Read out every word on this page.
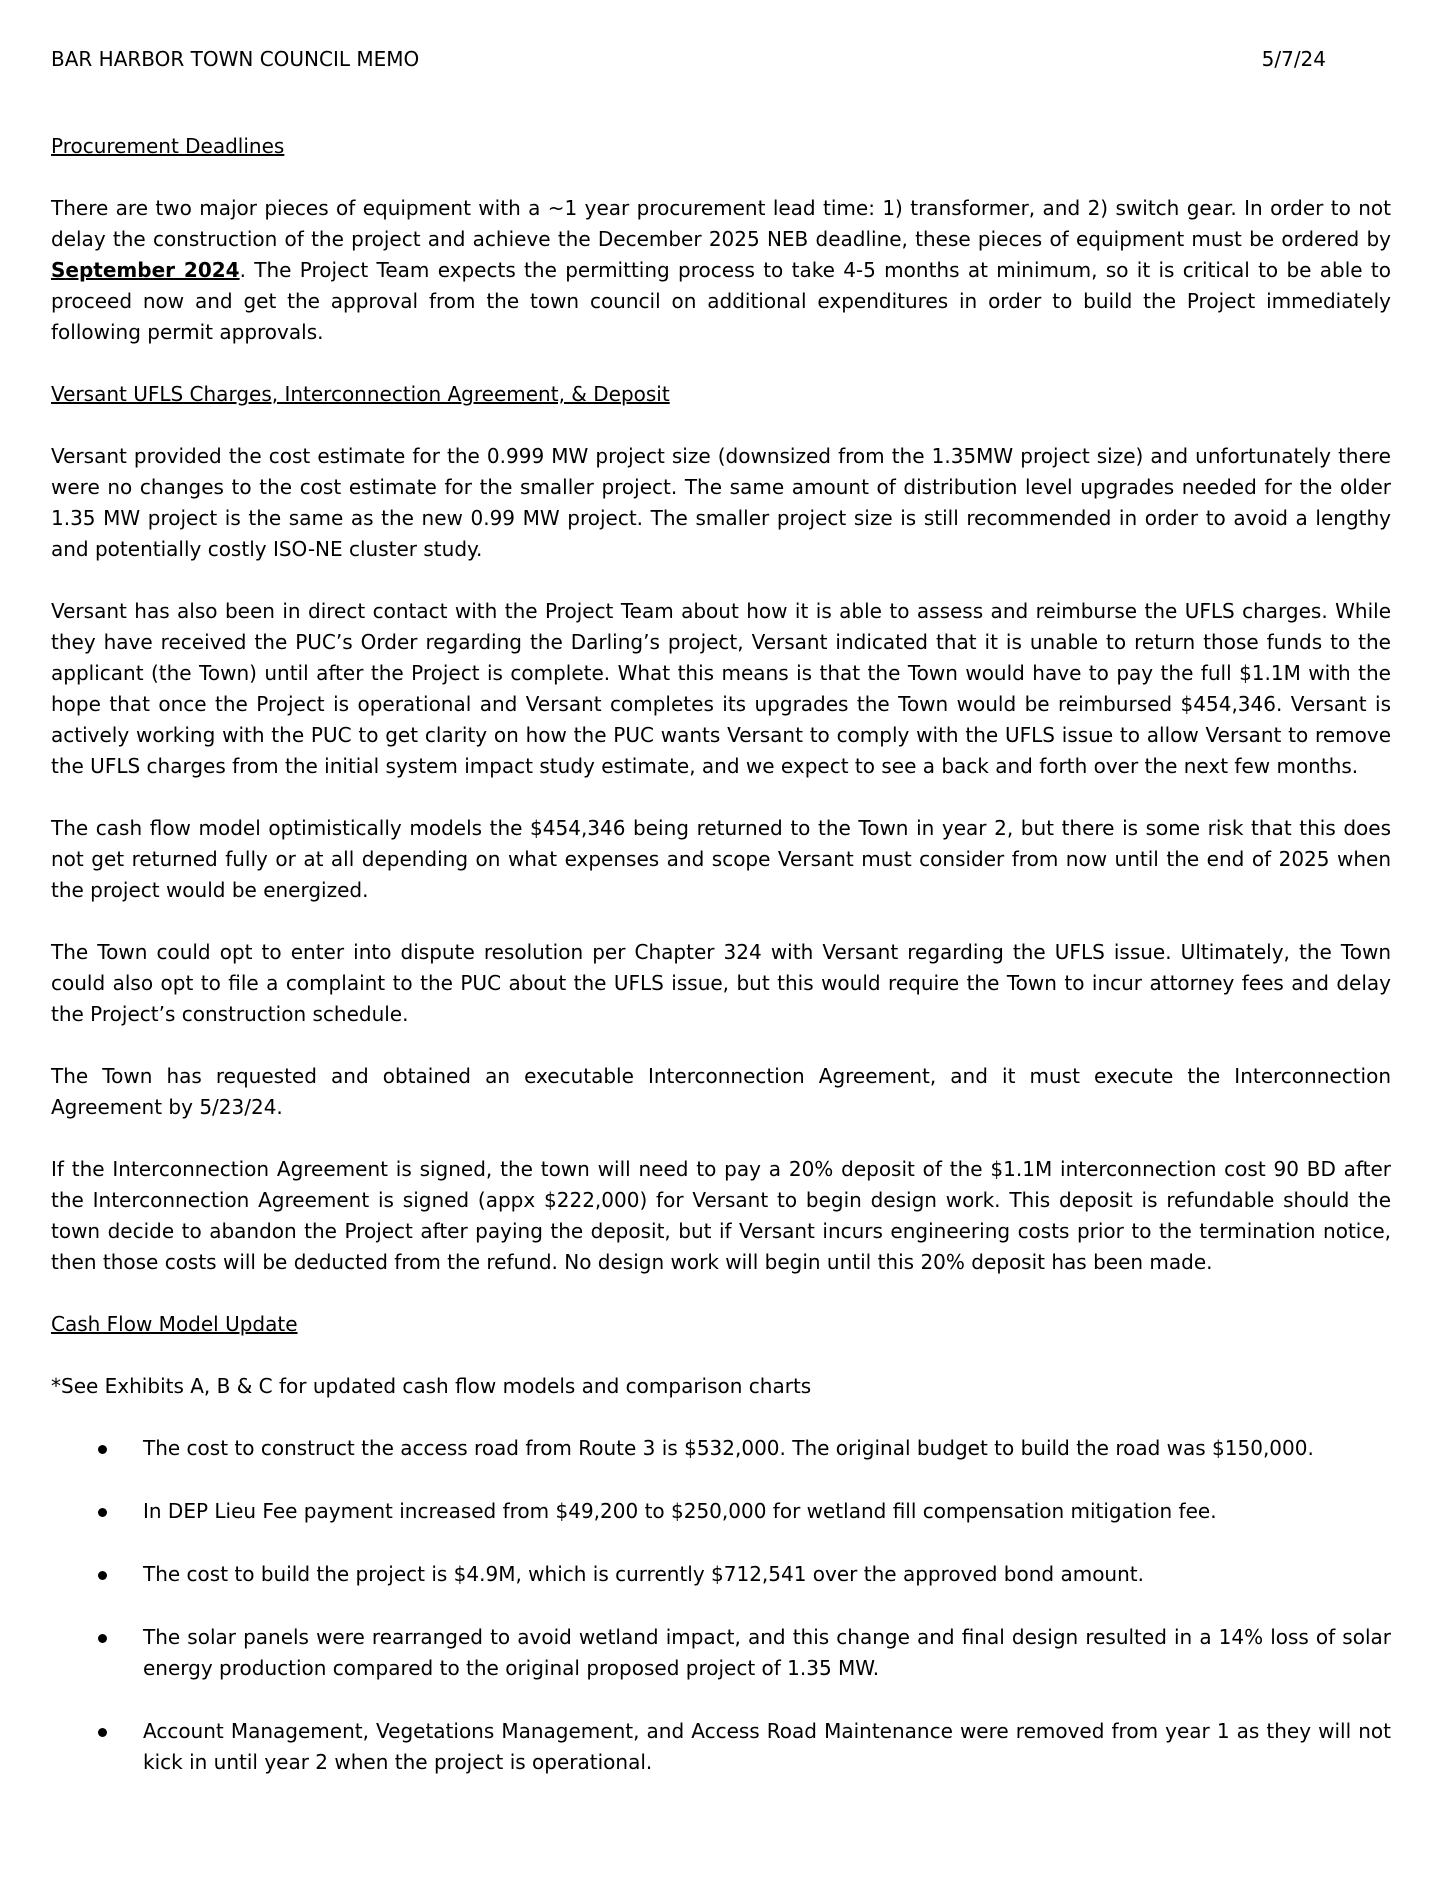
BAR HARBOR TOWN COUNCIL MEMO	5/7/24
Procurement Deadlines

There are two major pieces of equipment with a ~1 year procurement lead time: 1) transformer, and 2) switch gear. In order to not delay the construction of the project and achieve the December 2025 NEB deadline, these pieces of equipment must be ordered by September 2024. The Project Team expects the permitting process to take 4-5 months at minimum, so it is critical to be able to proceed now and get the approval from the town council on additional expenditures in order to build the Project immediately following permit approvals.

Versant UFLS Charges, Interconnection Agreement, & Deposit

Versant provided the cost estimate for the 0.999 MW project size (downsized from the 1.35MW project size) and unfortunately there were no changes to the cost estimate for the smaller project. The same amount of distribution level upgrades needed for the older 1.35 MW project is the same as the new 0.99 MW project. The smaller project size is still recommended in order to avoid a lengthy and potentially costly ISO-NE cluster study.

Versant has also been in direct contact with the Project Team about how it is able to assess and reimburse the UFLS charges. While they have received the PUC’s Order regarding the Darling’s project, Versant indicated that it is unable to return those funds to the applicant (the Town) until after the Project is complete. What this means is that the Town would have to pay the full $1.1M with the hope that once the Project is operational and Versant completes its upgrades the Town would be reimbursed $454,346. Versant is actively working with the PUC to get clarity on how the PUC wants Versant to comply with the UFLS issue to allow Versant to remove the UFLS charges from the initial system impact study estimate, and we expect to see a back and forth over the next few months.

The cash flow model optimistically models the $454,346 being returned to the Town in year 2, but there is some risk that this does not get returned fully or at all depending on what expenses and scope Versant must consider from now until the end of 2025 when the project would be energized.

The Town could opt to enter into dispute resolution per Chapter 324 with Versant regarding the UFLS issue. Ultimately, the Town could also opt to file a complaint to the PUC about the UFLS issue, but this would require the Town to incur attorney fees and delay the Project’s construction schedule.

The Town has requested and obtained an executable Interconnection Agreement, and it must execute the Interconnection Agreement by 5/23/24.

If the Interconnection Agreement is signed, the town will need to pay a 20% deposit of the $1.1M interconnection cost 90 BD after the Interconnection Agreement is signed (appx $222,000) for Versant to begin design work. This deposit is refundable should the town decide to abandon the Project after paying the deposit, but if Versant incurs engineering costs prior to the termination notice, then those costs will be deducted from the refund. No design work will begin until this 20% deposit has been made.

Cash Flow Model Update
*See Exhibits A, B & C for updated cash flow models and comparison charts
The cost to construct the access road from Route 3 is $532,000. The original budget to build the road was $150,000.
In DEP Lieu Fee payment increased from $49,200 to $250,000 for wetland fill compensation mitigation fee.
The cost to build the project is $4.9M, which is currently $712,541 over the approved bond amount.
The solar panels were rearranged to avoid wetland impact, and this change and final design resulted in a 14% loss of solar energy production compared to the original proposed project of 1.35 MW.
Account Management, Vegetations Management, and Access Road Maintenance were removed from year 1 as they will not kick in until year 2 when the project is operational.
